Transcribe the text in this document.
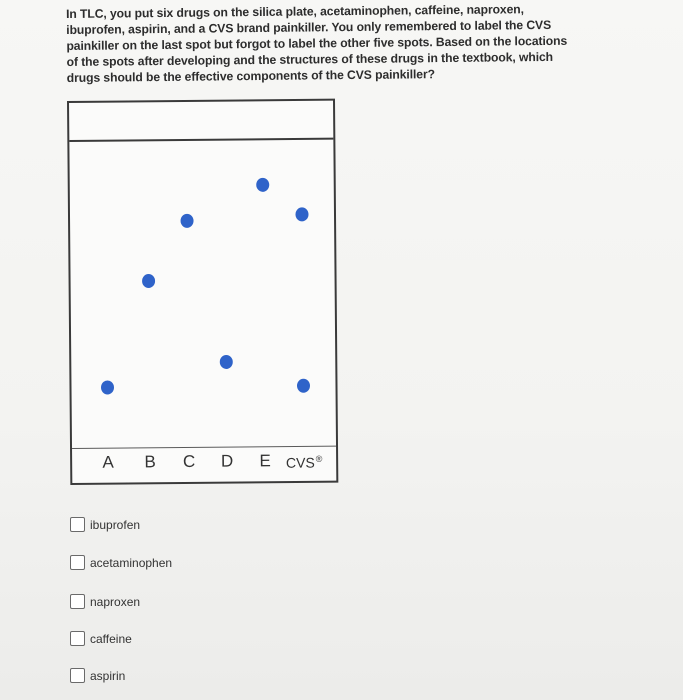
In TLC, you put six drugs on the silica plate, acetaminophen, caffeine, naproxen, ibuprofen, aspirin, and a CVS brand painkiller. You only remembered to label the CVS painkiller on the last spot but forgot to label the other five spots. Based on the locations of the spots after developing and the structures of these drugs in the textbook, which drugs should be the effective components of the CVS painkiller?

A B C D E CVS®
ibuprofen
acetaminophen
naproxen
caffeine
aspirin
